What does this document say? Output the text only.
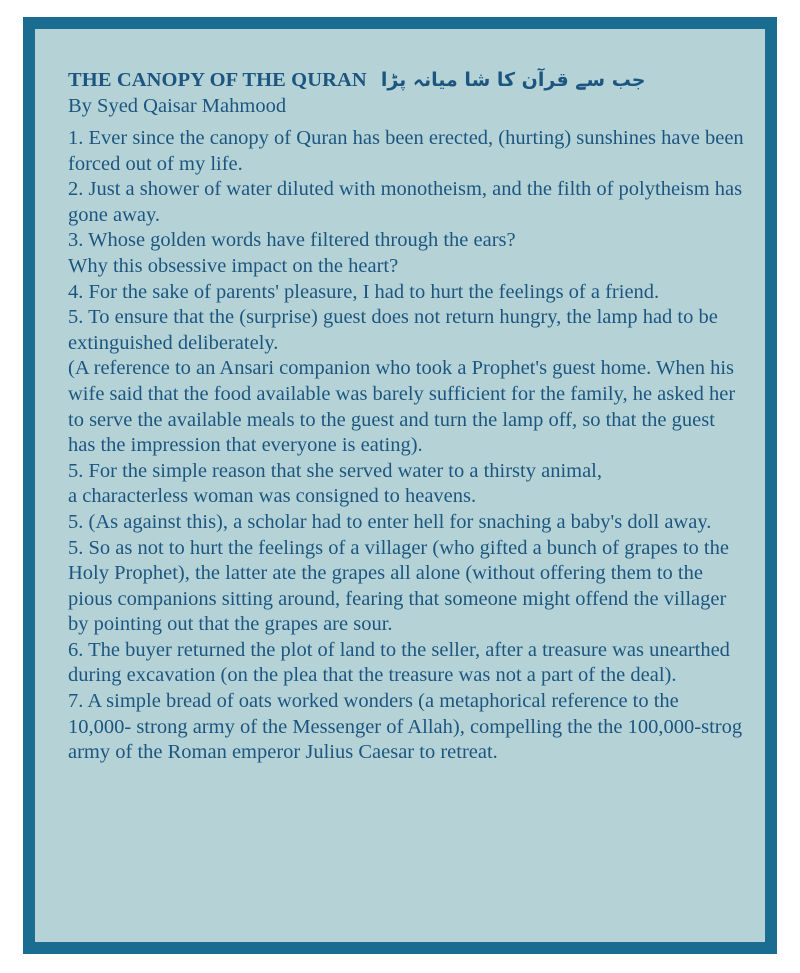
THE CANOPY OF THE QURAN جب سے قرآن کا شا میانہ پڑا
By Syed Qaisar Mahmood

1. Ever since the canopy of Quran has been erected, (hurting) sunshines have been forced out of my life.

2. Just a shower of water diluted with monotheism, and the filth of polytheism has gone away.

3. Whose golden words have filtered through the ears?

Why this obsessive impact on the heart?

4. For the sake of parents' pleasure, I had to hurt the feelings of a friend.

5. To ensure that the (surprise) guest does not return hungry, the lamp had to be extinguished deliberately.

(A reference to an Ansari companion who took a Prophet's guest home. When his wife said that the food available was barely sufficient for the family, he asked her to serve the available meals to the guest and turn the lamp off, so that the guest has the impression that everyone is eating).

5. For the simple reason that she served water to a thirsty animal,

a characterless woman was consigned to heavens.

5. (As against this), a scholar had to enter hell for snaching a baby's doll away.

5. So as not to hurt the feelings of a villager (who gifted a bunch of grapes to the Holy Prophet), the latter ate the grapes all alone (without offering them to the pious companions sitting around, fearing that someone might offend the villager by pointing out that the grapes are sour.

6. The buyer returned the plot of land to the seller, after a treasure was unearthed during excavation (on the plea that the treasure was not a part of the deal).

7. A simple bread of oats worked wonders (a metaphorical reference to the 10,000- strong army of the Messenger of Allah), compelling the the 100,000-strog army of the Roman emperor Julius Caesar to retreat.
